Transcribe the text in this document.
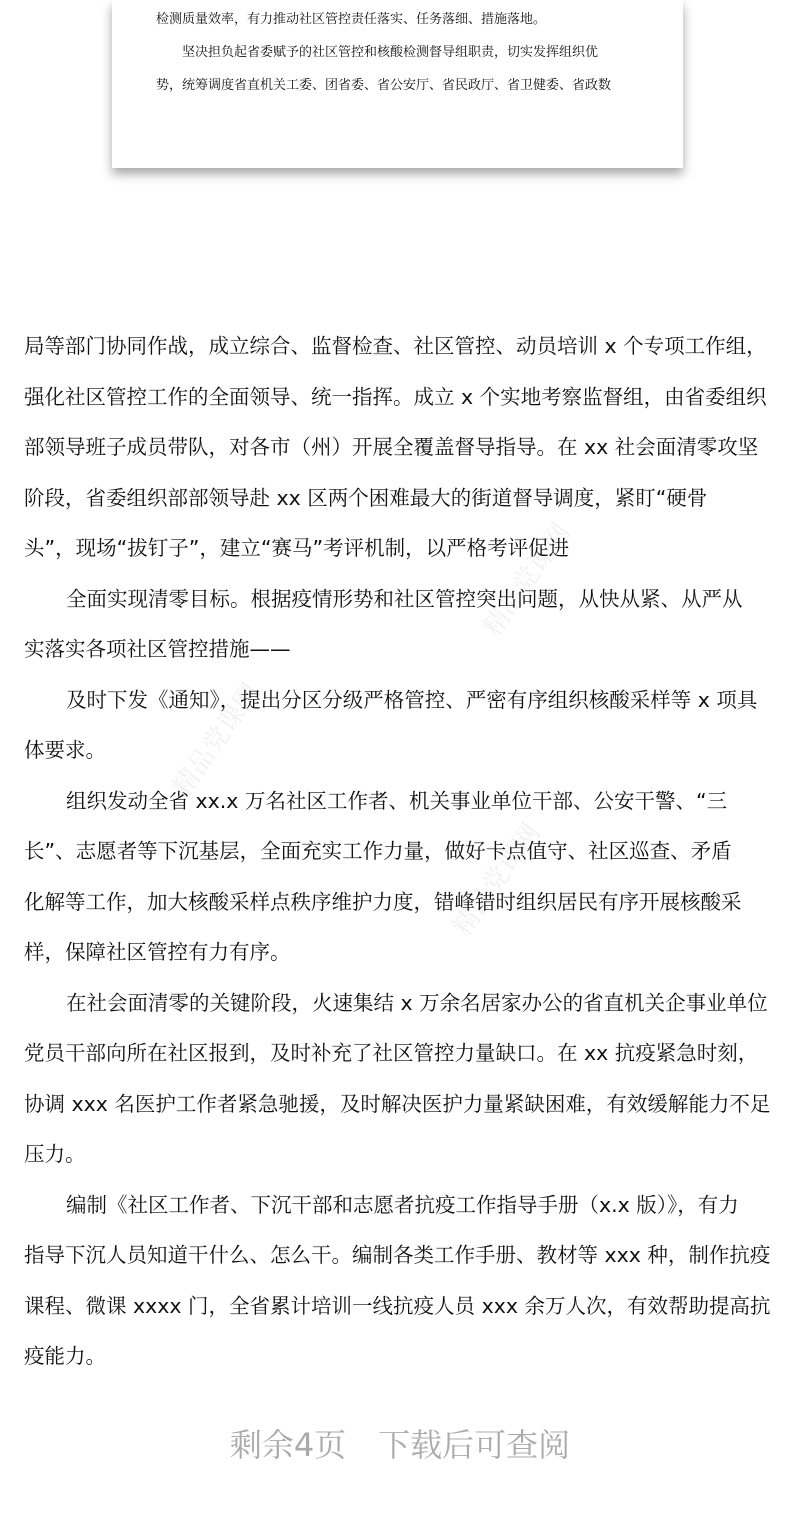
检测质量效率，有力推动社区管控责任落实、任务落细、措施落地。
坚决担负起省委赋予的社区管控和核酸检测督导组职责，切实发挥组织优
势，统筹调度省直机关工委、团省委、省公安厅、省民政厅、省卫健委、省政数
精品党课网
精品党课网
精品党课网
局等部门协同作战，成立综合、监督检查、社区管控、动员培训 x 个专项工作组，
强化社区管控工作的全面领导、统一指挥。成立 x 个实地考察监督组，由省委组织
部领导班子成员带队，对各市（州）开展全覆盖督导指导。在 xx 社会面清零攻坚
阶段，省委组织部部领导赴 xx 区两个困难最大的街道督导调度，紧盯“硬骨
头”，现场“拔钉子”，建立“赛马”考评机制，以严格考评促进
全面实现清零目标。根据疫情形势和社区管控突出问题，从快从紧、从严从
实落实各项社区管控措施——
及时下发《通知》，提出分区分级严格管控、严密有序组织核酸采样等 x 项具
体要求。
组织发动全省 xx.x 万名社区工作者、机关事业单位干部、公安干警、“三
长”、志愿者等下沉基层，全面充实工作力量，做好卡点值守、社区巡查、矛盾
化解等工作，加大核酸采样点秩序维护力度，错峰错时组织居民有序开展核酸采
样，保障社区管控有力有序。
在社会面清零的关键阶段，火速集结 x 万余名居家办公的省直机关企事业单位
党员干部向所在社区报到，及时补充了社区管控力量缺口。在 xx 抗疫紧急时刻，
协调 xxx 名医护工作者紧急驰援，及时解决医护力量紧缺困难，有效缓解能力不足
压力。
编制《社区工作者、下沉干部和志愿者抗疫工作指导手册（x.x 版）》，有力
指导下沉人员知道干什么、怎么干。编制各类工作手册、教材等 xxx 种，制作抗疫
课程、微课 xxxx 门，全省累计培训一线抗疫人员 xxx 余万人次，有效帮助提高抗
疫能力。
剩余4页　下载后可查阅
